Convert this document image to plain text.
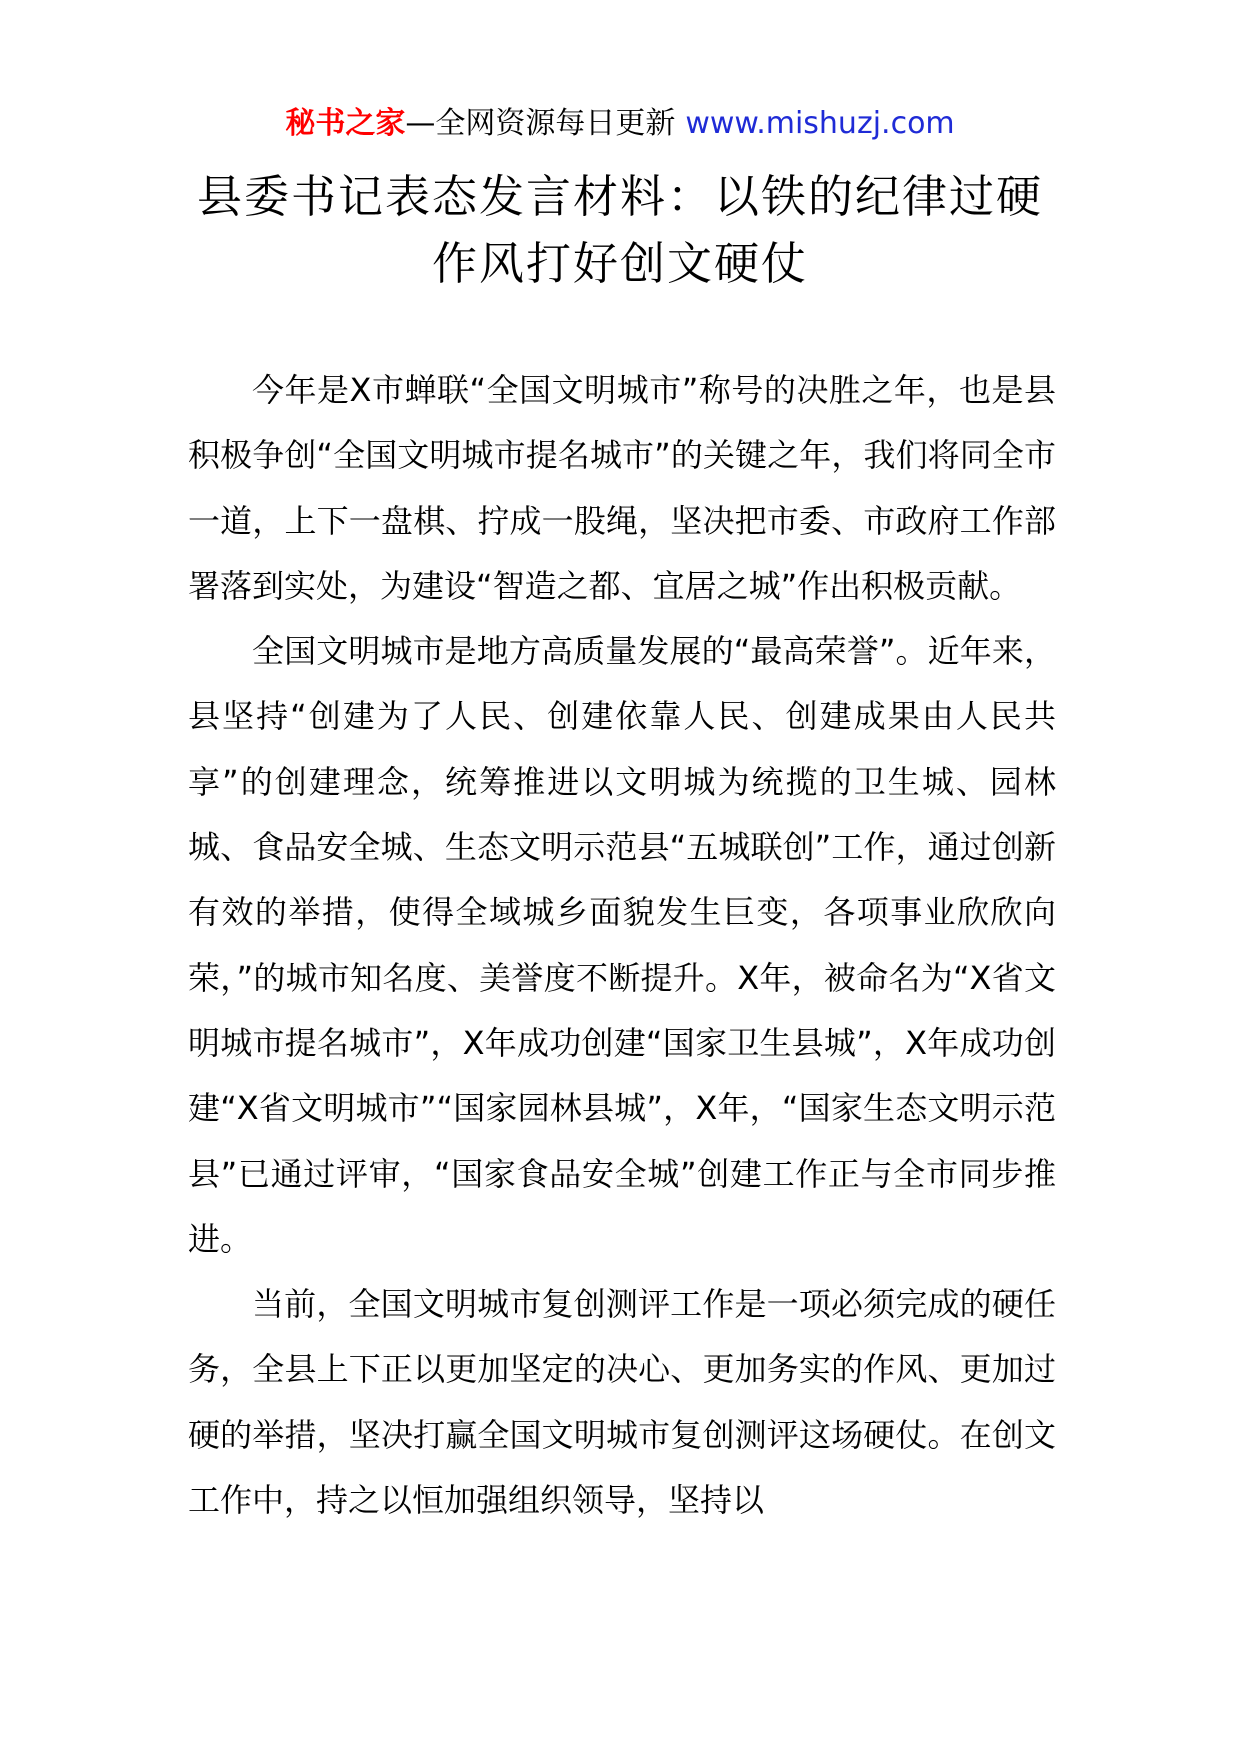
秘书之家—全网资源每日更新 www.mishuzj.com
县委书记表态发言材料：以铁的纪律过硬
作风打好创文硬仗

今年是X市蝉联“全国文明城市”称号的决胜之年，也是县积极争创“全国文明城市提名城市”的关键之年，我们将同全市一道，上下一盘棋、拧成一股绳，坚决把市委、市政府工作部署落到实处，为建设“智造之都、宜居之城”作出积极贡献。

全国文明城市是地方高质量发展的“最高荣誉”。近年来，县坚持“创建为了人民、创建依靠人民、创建成果由人民共享”的创建理念，统筹推进以文明城为统揽的卫生城、园林城、食品安全城、生态文明示范县“五城联创”工作，通过创新有效的举措，使得全域城乡面貌发生巨变，各项事业欣欣向荣，”的城市知名度、美誉度不断提升。X年，被命名为“X省文明城市提名城市”，X年成功创建“国家卫生县城”，X年成功创建“X省文明城市”“国家园林县城”，X年，“国家生态文明示范县”已通过评审，“国家食品安全城”创建工作正与全市同步推进。

当前，全国文明城市复创测评工作是一项必须完成的硬任务，全县上下正以更加坚定的决心、更加务实的作风、更加过硬的举措，坚决打赢全国文明城市复创测评这场硬仗。在创文工作中，持之以恒加强组织领导，坚持以
